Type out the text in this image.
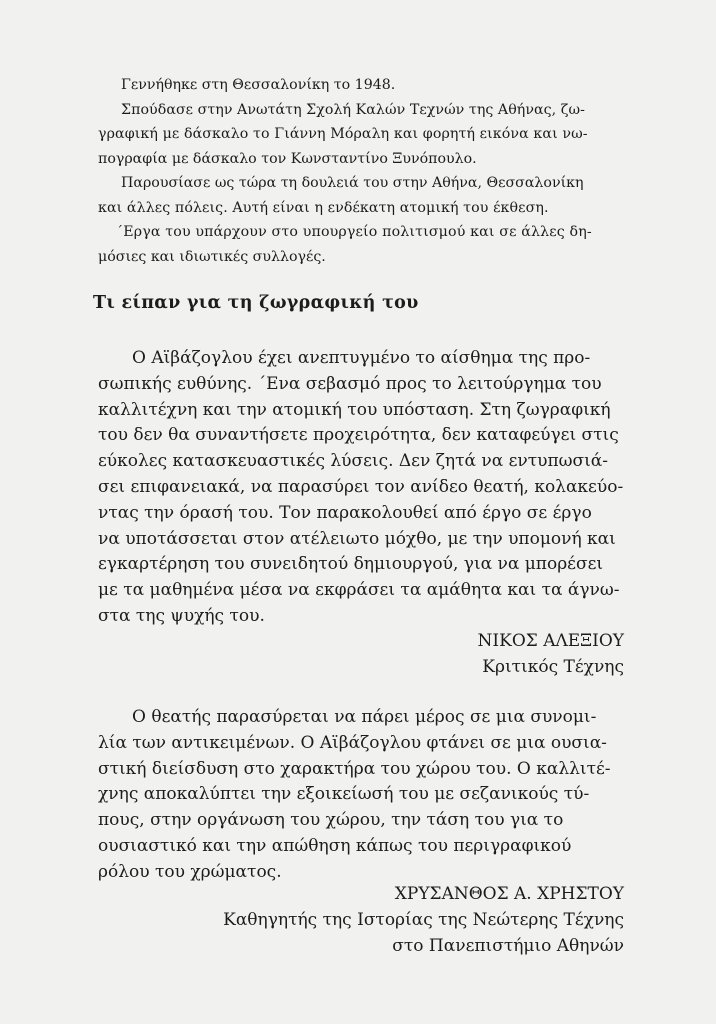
Γεννήθηκε στη Θεσσαλονίκη το 1948.
Σπούδασε στην Ανωτάτη Σχολή Καλών Τεχνών της Αθήνας, ζω-
γραφική με δάσκαλο το Γιάννη Μόραλη και φορητή εικόνα και νω-
πογραφία με δάσκαλο τον Κωνσταντίνο Ξυνόπουλο.
Παρουσίασε ως τώρα τη δουλειά του στην Αθήνα, Θεσσαλονίκη
και άλλες πόλεις. Αυτή είναι η ενδέκατη ατομική του έκθεση.
΄Εργα του υπάρχουν στο υπουργείο πολιτισμού και σε άλλες δη-
μόσιες και ιδιωτικές συλλογές.
Τι είπαν για τη ζωγραφική του
Ο Αϊβάζογλου έχει ανεπτυγμένο το αίσθημα της προ-
σωπικής ευθύνης. ΄Ενα σεβασμό προς το λειτούργημα του
καλλιτέχνη και την ατομική του υπόσταση. Στη ζωγραφική
του δεν θα συναντήσετε προχειρότητα, δεν καταφεύγει στις
εύκολες κατασκευαστικές λύσεις. Δεν ζητά να εντυπωσιά-
σει επιφανειακά, να παρασύρει τον ανίδεο θεατή, κολακεύο-
ντας την όρασή του. Τον παρακολουθεί από έργο σε έργο
να υποτάσσεται στον ατέλειωτο μόχθο, με την υπομονή και
εγκαρτέρηση του συνειδητού δημιουργού, για να μπορέσει
με τα μαθημένα μέσα να εκφράσει τα αμάθητα και τα άγνω-
στα της ψυχής του.
ΝΙΚΟΣ ΑΛΕΞΙΟΥ
Κριτικός Τέχνης
Ο θεατής παρασύρεται να πάρει μέρος σε μια συνομι-
λία των αντικειμένων. Ο Αϊβάζογλου φτάνει σε μια ουσια-
στική διείσδυση στο χαρακτήρα του χώρου του. Ο καλλιτέ-
χνης αποκαλύπτει την εξοικείωσή του με σεζανικούς τύ-
πους, στην οργάνωση του χώρου, την τάση του για το
ουσιαστικό και την απώθηση κάπως του περιγραφικού
ρόλου του χρώματος.
ΧΡΥΣΑΝΘΟΣ Α. ΧΡΗΣΤΟΥ
Καθηγητής της Ιστορίας της Νεώτερης Τέχνης
στο Πανεπιστήμιο Αθηνών
